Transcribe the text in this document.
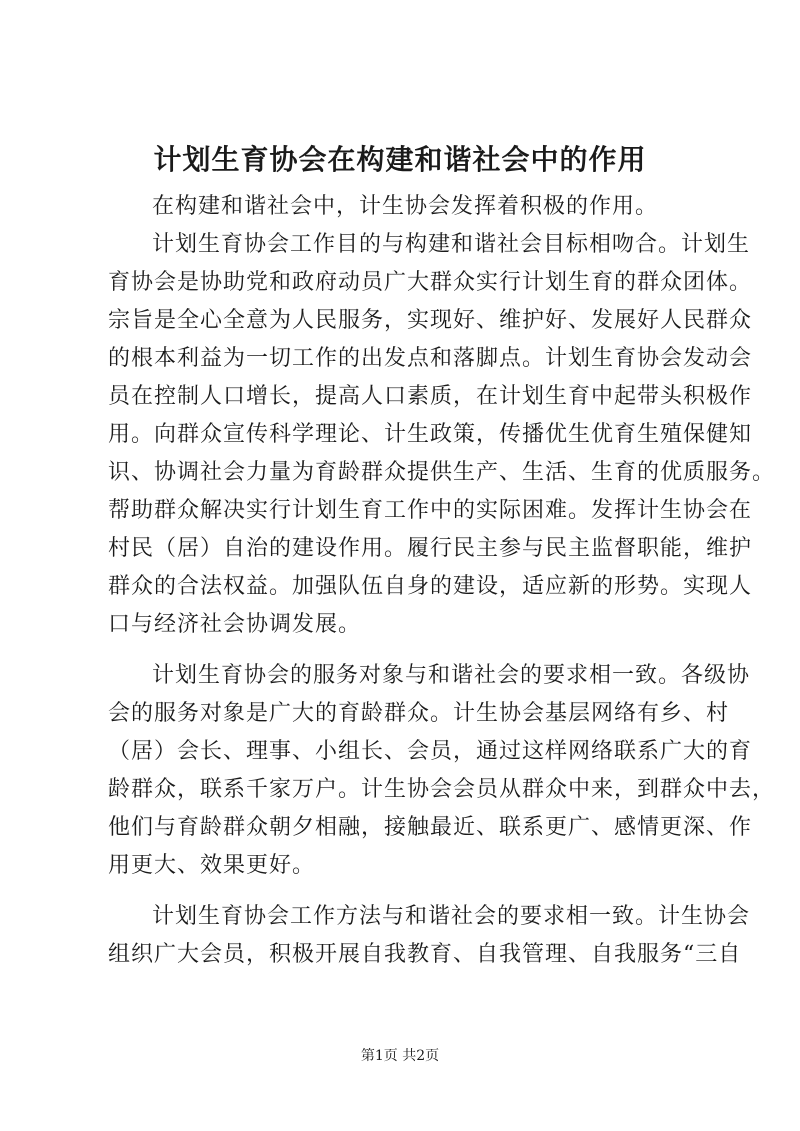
计划生育协会在构建和谐社会中的作用
在构建和谐社会中，计生协会发挥着积极的作用。
计划生育协会工作目的与构建和谐社会目标相吻合。计划生
育协会是协助党和政府动员广大群众实行计划生育的群众团体。
宗旨是全心全意为人民服务，实现好、维护好、发展好人民群众
的根本利益为一切工作的出发点和落脚点。计划生育协会发动会
员在控制人口增长，提高人口素质，在计划生育中起带头积极作
用。向群众宣传科学理论、计生政策，传播优生优育生殖保健知
识、协调社会力量为育龄群众提供生产、生活、生育的优质服务。
帮助群众解决实行计划生育工作中的实际困难。发挥计生协会在
村民（居）自治的建设作用。履行民主参与民主监督职能，维护
群众的合法权益。加强队伍自身的建设，适应新的形势。实现人
口与经济社会协调发展。
计划生育协会的服务对象与和谐社会的要求相一致。各级协
会的服务对象是广大的育龄群众。计生协会基层网络有乡、村
（居）会长、理事、小组长、会员，通过这样网络联系广大的育
龄群众，联系千家万户。计生协会会员从群众中来，到群众中去，
他们与育龄群众朝夕相融，接触最近、联系更广、感情更深、作
用更大、效果更好。
计划生育协会工作方法与和谐社会的要求相一致。计生协会
组织广大会员，积极开展自我教育、自我管理、自我服务“三自
第1页 共2页
